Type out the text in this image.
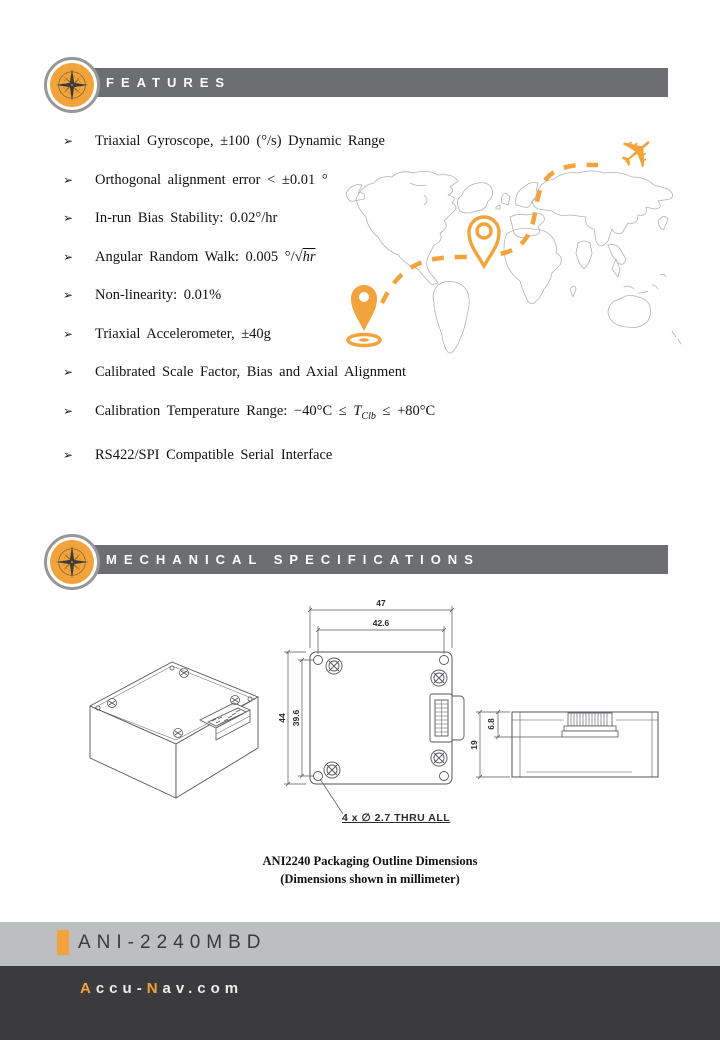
FEATURES
✈
➢	Triaxial Gyroscope, ±100 (°/s) Dynamic Range
➢	Orthogonal alignment error < ±0.01 °
➢	In-run Bias Stability: 0.02°/hr
➢	Angular Random Walk: 0.005 °/√hr
➢	Non-linearity: 0.01%
➢	Triaxial Accelerometer, ±40g
➢	Calibrated Scale Factor, Bias and Axial Alignment
➢	Calibration Temperature Range: $-40^\circ C \le T_{Clb} \le +80^\circ C$
➢	RS422/SPI Compatible Serial Interface
MECHANICAL SPECIFICATIONS
47
42.6
44 39.6
4 x ∅ 2.7 THRU ALL
19
6.8
ANI2240 Packaging Outline Dimensions
(Dimensions shown in millimeter)
ANI-2240MBD
Accu-Nav.com
